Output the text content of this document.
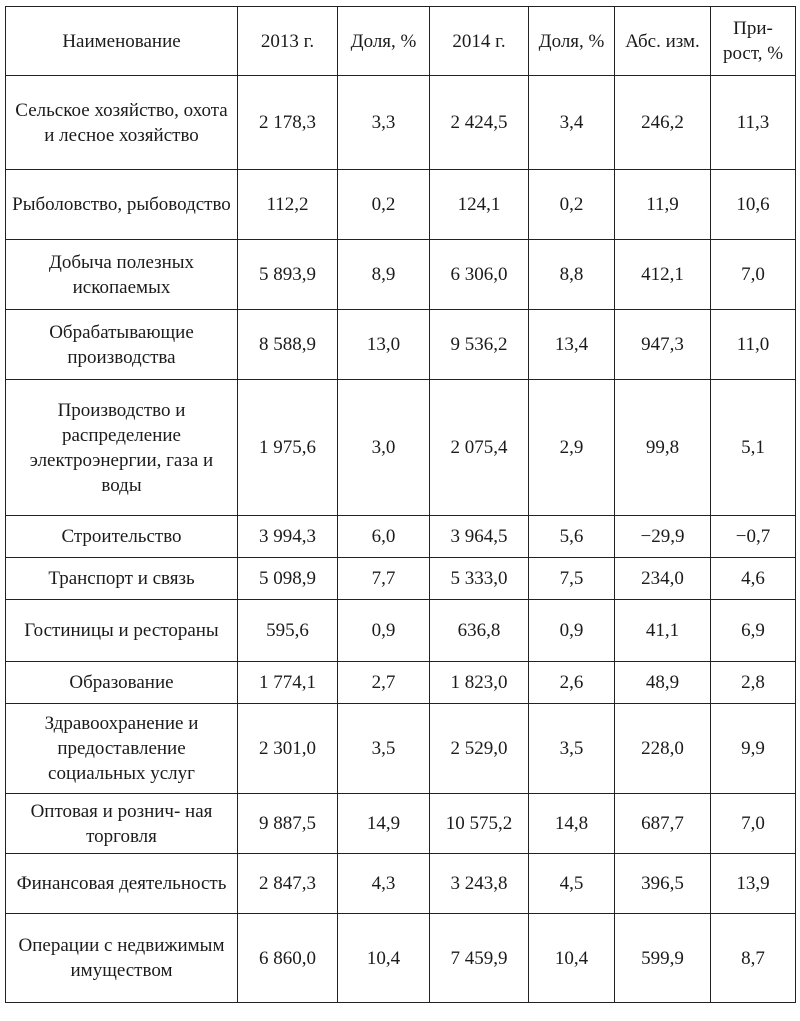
Наименование	2013 г.	Доля, %	2014 г.	Доля, %	Абс. изм.	При- рост, %
Сельское хозяйство, охота и лесное хозяйство	2 178,3	3,3	2 424,5	3,4	246,2	11,3
Рыболовство, рыбоводство	112,2	0,2	124,1	0,2	11,9	10,6
Добыча полезных ископаемых	5 893,9	8,9	6 306,0	8,8	412,1	7,0
Обрабатывающие производства	8 588,9	13,0	9 536,2	13,4	947,3	11,0
Производство и распределение электроэнергии, газа и воды	1 975,6	3,0	2 075,4	2,9	99,8	5,1
Строительство	3 994,3	6,0	3 964,5	5,6	−29,9	−0,7
Транспорт и связь	5 098,9	7,7	5 333,0	7,5	234,0	4,6
Гостиницы и рестораны	595,6	0,9	636,8	0,9	41,1	6,9
Образование	1 774,1	2,7	1 823,0	2,6	48,9	2,8
Здравоохранение и предоставление социальных услуг	2 301,0	3,5	2 529,0	3,5	228,0	9,9
Оптовая и рознич- ная торговля	9 887,5	14,9	10 575,2	14,8	687,7	7,0
Финансовая деятельность	2 847,3	4,3	3 243,8	4,5	396,5	13,9
Операции с недвижимым имуществом	6 860,0	10,4	7 459,9	10,4	599,9	8,7
